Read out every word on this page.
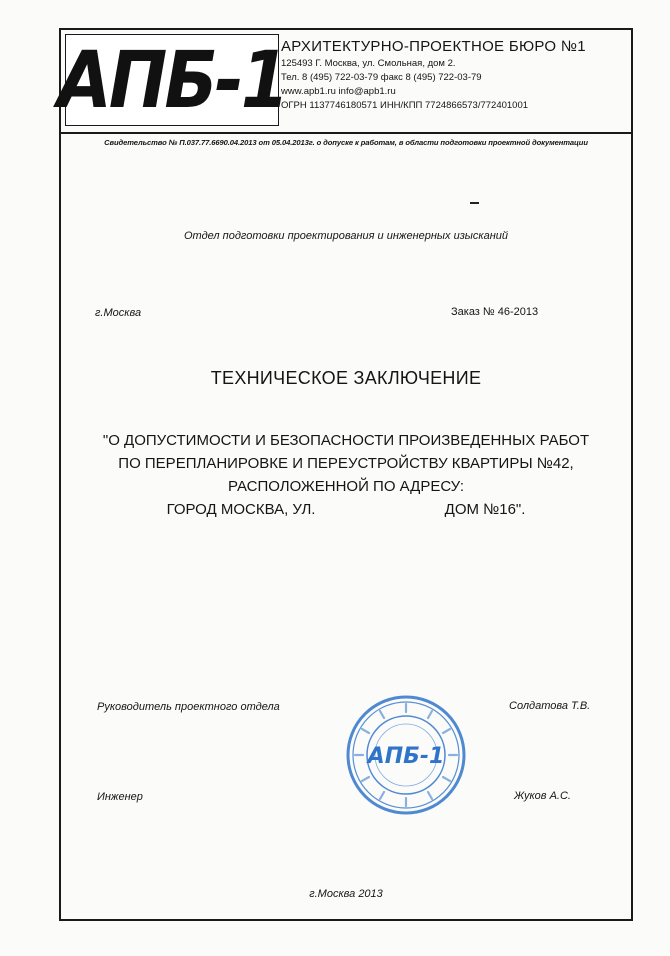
АПБ-1
АРХИТЕКТУРНО-ПРОЕКТНОЕ БЮРО №1
125493 Г. Москва, ул. Смольная, дом 2.
Тел. 8 (495) 722-03-79 факс 8 (495) 722-03-79
www.apb1.ru info@apb1.ru
ОГРН 1137746180571 ИНН/КПП 7724866573/772401001
Свидетельство № П.037.77.6690.04.2013 от 05.04.2013г. о допуске к работам, в области подготовки проектной документации
Отдел подготовки проектирования и инженерных изысканий
г.Москва	Заказ № 46-2013
ТЕХНИЧЕСКОЕ ЗАКЛЮЧЕНИЕ
"О ДОПУСТИМОСТИ И БЕЗОПАСНОСТИ ПРОИЗВЕДЕННЫХ РАБОТ
ПО ПЕРЕПЛАНИРОВКЕ И ПЕРЕУСТРОЙСТВУ КВАРТИРЫ №42,
РАСПОЛОЖЕННОЙ ПО АДРЕСУ:
ГОРОД МОСКВА, УЛ.                               ДОМ №16".
Руководитель проектного отдела	Солдатова Т.В.
Инженер	Жуков А.С.
АПБ-1
г.Москва 2013
